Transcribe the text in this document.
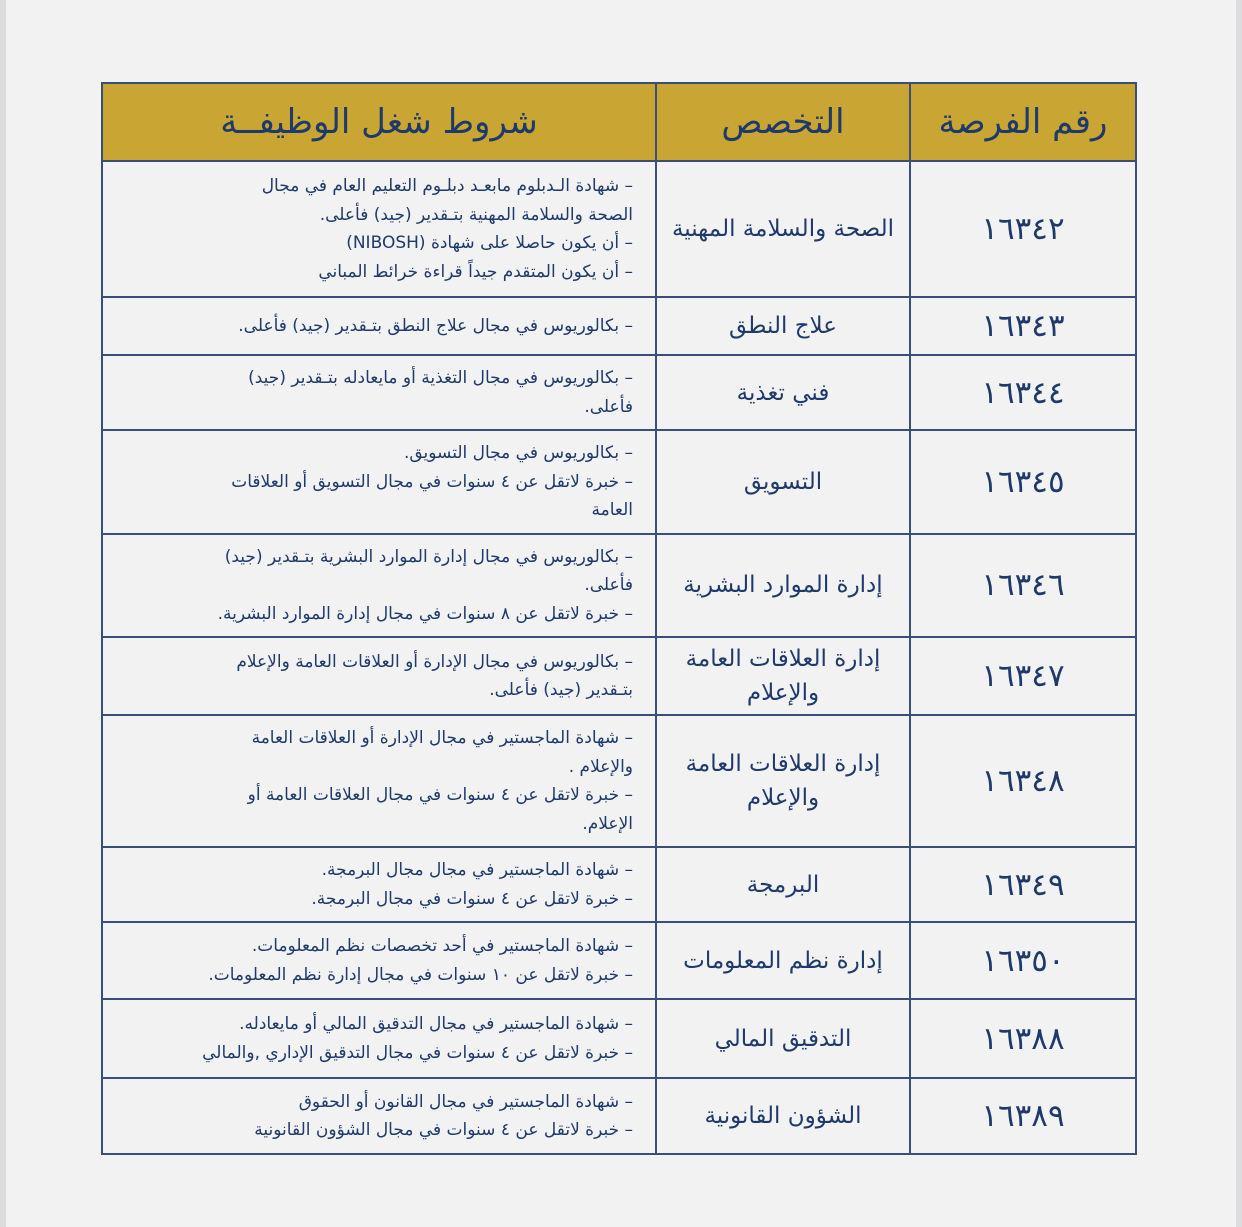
رقم الفرصة	التخصص	شروط شغل الوظيفــة
١٦٣٤٢	الصحة والسلامة المهنية	– شهادة الـدبلوم مابعـد دبلـوم التعليم العام في مجال
الصحة والسلامة المهنية بتـقدير (جيد) فأعلى.
– أن يكون حاصلا على شهادة (NIBOSH)
– أن يكون المتقدم جيداً قراءة خرائط المباني

١٦٣٤٣	علاج النطق	– بكالوريوس في مجال علاج النطق بتـقدير (جيد) فأعلى.

١٦٣٤٤	فني تغذية	– بكالوريوس في مجال التغذية أو مايعادله بتـقدير (جيد)
فأعلى.

١٦٣٤٥	التسويق	– بكالوريوس في مجال التسويق.
– خبرة لاتقل عن ٤ سنوات في مجال التسويق أو العلاقات
العامة

١٦٣٤٦	إدارة الموارد البشرية	– بكالوريوس في مجال إدارة الموارد البشرية بتـقدير (جيد)
فأعلى.
– خبرة لاتقل عن ٨ سنوات في مجال إدارة الموارد البشرية.

١٦٣٤٧	إدارة العلاقات العامة والإعلام	– بكالوريوس في مجال الإدارة أو العلاقات العامة والإعلام
بتـقدير (جيد) فأعلى.

١٦٣٤٨	إدارة العلاقات العامة والإعلام	– شهادة الماجستير في مجال الإدارة أو العلاقات العامة
والإعلام .
– خبرة لاتقل عن ٤ سنوات في مجال العلاقات العامة أو
الإعلام.

١٦٣٤٩	البرمجة	– شهادة الماجستير في مجال مجال البرمجة.
– خبرة لاتقل عن ٤ سنوات في مجال البرمجة.

١٦٣٥٠	إدارة نظم المعلومات	– شهادة الماجستير في أحد تخصصات نظم المعلومات.
– خبرة لاتقل عن ١٠ سنوات في مجال إدارة نظم المعلومات.

١٦٣٨٨	التدقيق المالي	– شهادة الماجستير في مجال التدقيق المالي أو مايعادله.
– خبرة لاتقل عن ٤ سنوات في مجال التدقيق الإداري ,والمالي

١٦٣٨٩	الشؤون القانونية	– شهادة الماجستير في مجال القانون أو الحقوق
– خبرة لاتقل عن ٤ سنوات في مجال الشؤون القانونية
